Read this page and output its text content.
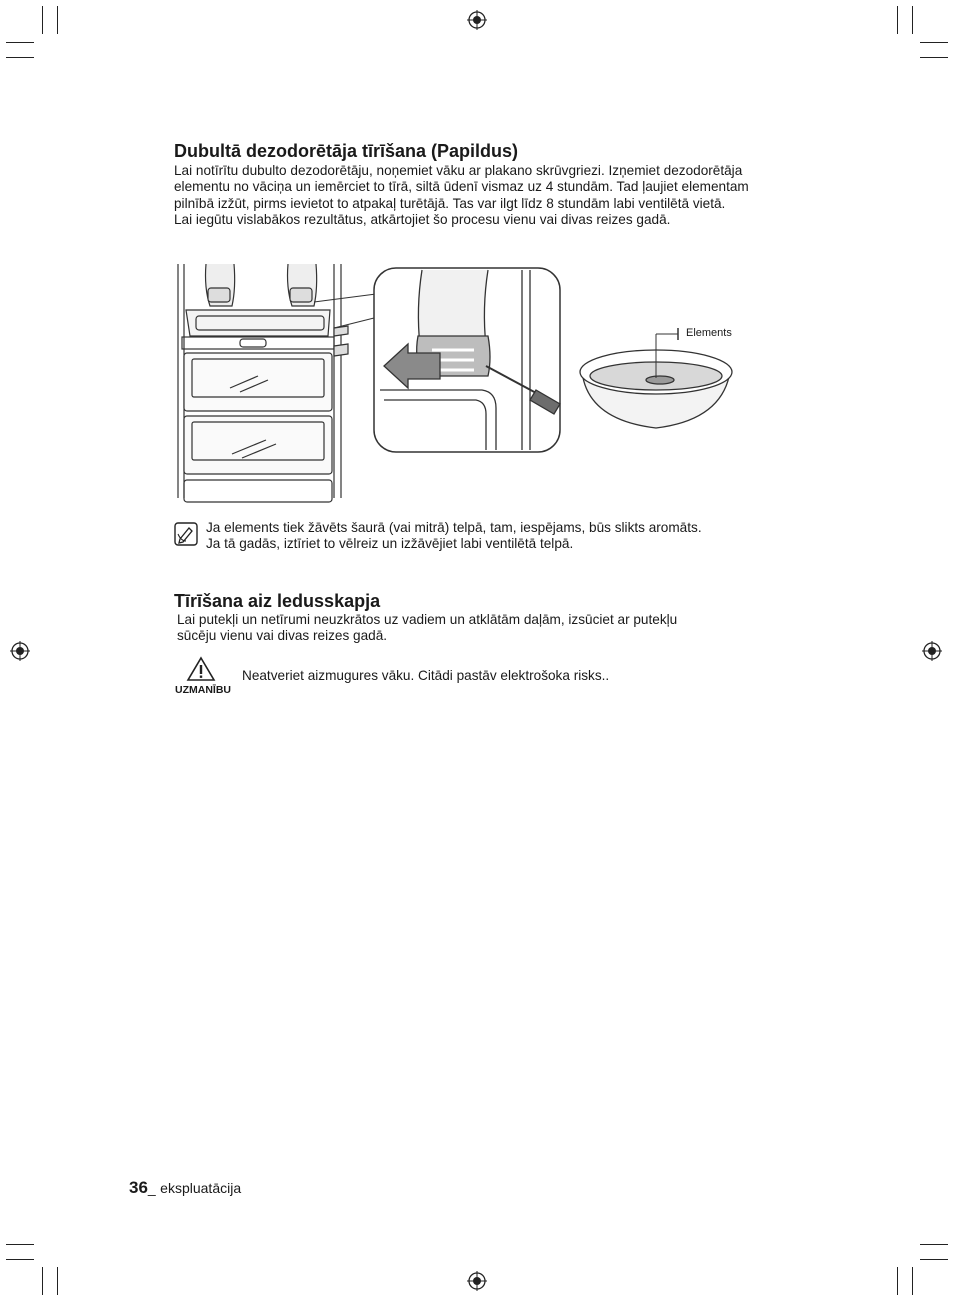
Dubultā dezodorētāja tīrīšana (Papildus)
Lai notīrītu dubulto dezodorētāju, noņemiet vāku ar plakano skrūvgriezi. Izņemiet dezodorētāja
elementu no vāciņa un iemērciet to tīrā, siltā ūdenī vismaz uz 4 stundām. Tad ļaujiet elementam
pilnībā izžūt, pirms ievietot to atpakaļ turētājā. Tas var ilgt līdz 8 stundām labi ventilētā vietā.
Lai iegūtu vislabākos rezultātus, atkārtojiet šo procesu vienu vai divas reizes gadā.
Elements
Ja elements tiek žāvēts šaurā (vai mitrā) telpā, tam, iespējams, būs slikts aromāts.
Ja tā gadās, iztīriet to vēlreiz un izžāvējiet labi ventilētā telpā.
Tīrīšana aiz ledusskapja
Lai putekļi un netīrumi neuzkrātos uz vadiem un atklātām daļām, izsūciet ar putekļu
sūcēju vienu vai divas reizes gadā.
UZMANĪBU
Neatveriet aizmugures vāku. Citādi pastāv elektrošoka risks..
36_ ekspluatācija
